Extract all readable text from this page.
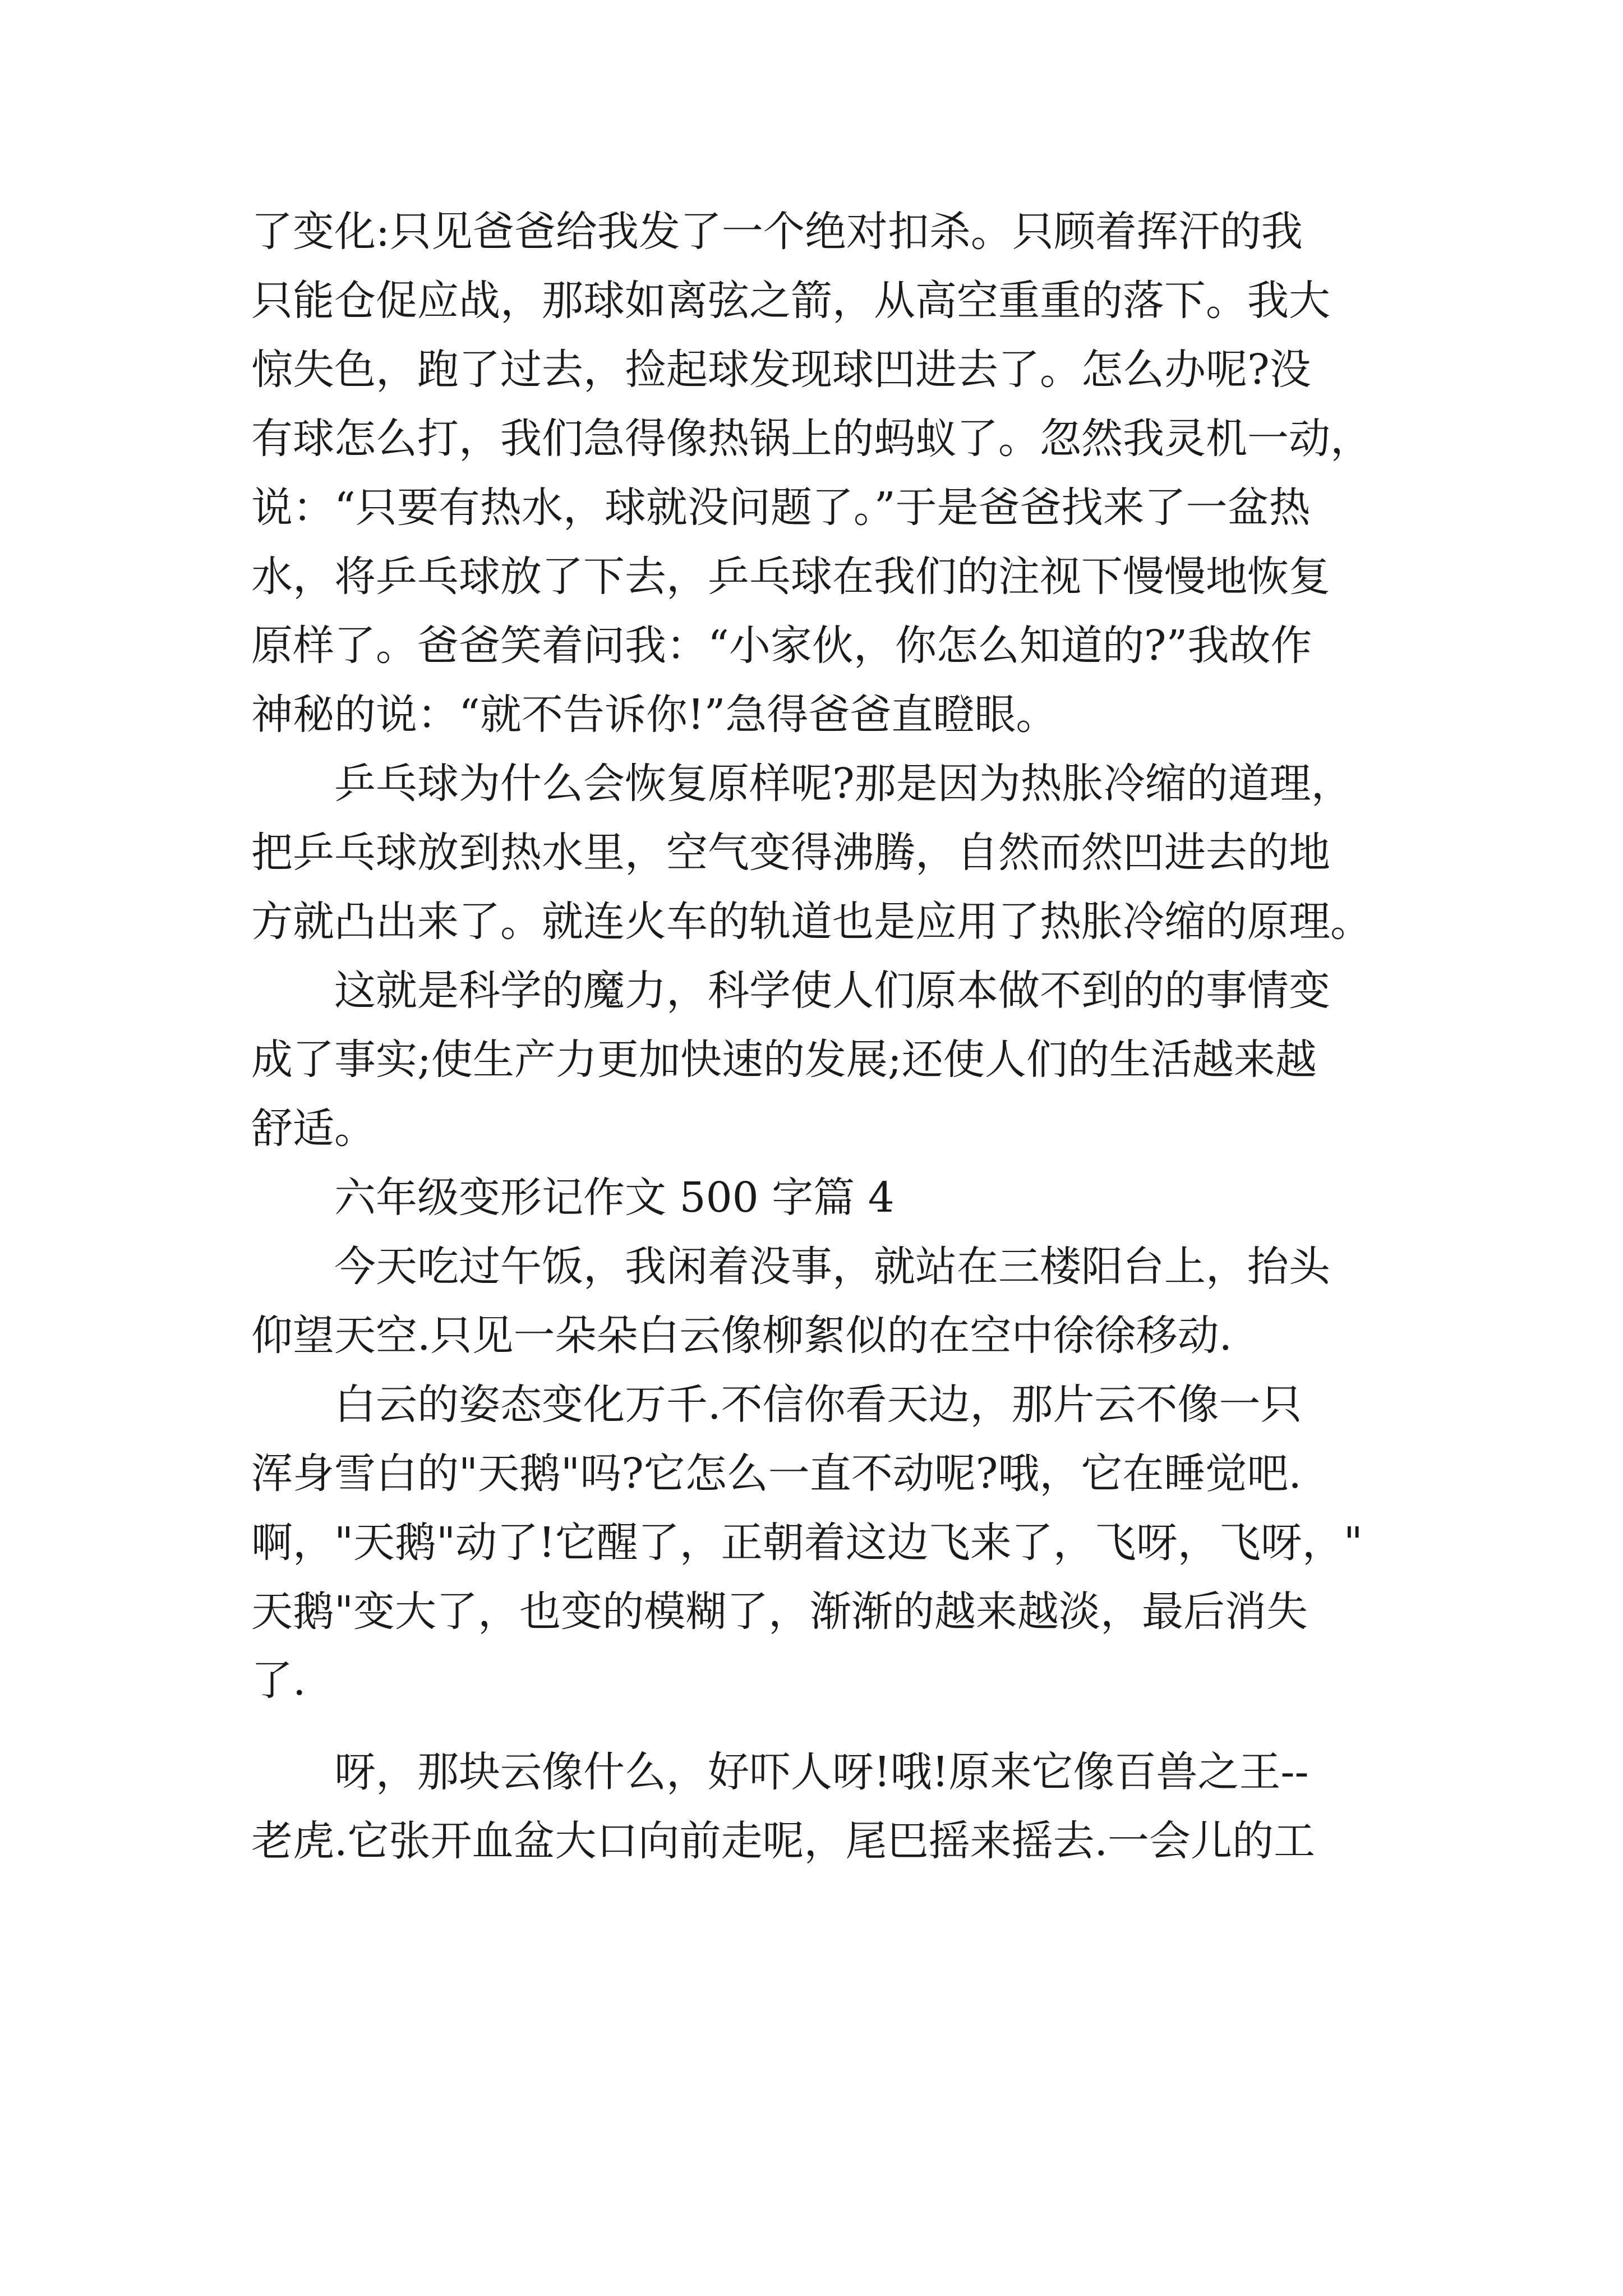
了变化:只见爸爸给我发了一个绝对扣杀。只顾着挥汗的我

只能仓促应战，那球如离弦之箭，从高空重重的落下。我大

惊失色，跑了过去，捡起球发现球凹进去了。怎么办呢?没

有球怎么打，我们急得像热锅上的蚂蚁了。忽然我灵机一动，

说：“只要有热水，球就没问题了。”于是爸爸找来了一盆热

水，将乒乓球放了下去，乒乓球在我们的注视下慢慢地恢复

原样了。爸爸笑着问我：“小家伙，你怎么知道的?”我故作

神秘的说：“就不告诉你!”急得爸爸直瞪眼。

乒乓球为什么会恢复原样呢?那是因为热胀冷缩的道理，

把乒乓球放到热水里，空气变得沸腾，自然而然凹进去的地

方就凸出来了。就连火车的轨道也是应用了热胀冷缩的原理。

这就是科学的魔力，科学使人们原本做不到的的事情变

成了事实;使生产力更加快速的发展;还使人们的生活越来越

舒适。

六年级变形记作文 500 字篇 4

今天吃过午饭，我闲着没事，就站在三楼阳台上，抬头

仰望天空.只见一朵朵白云像柳絮似的在空中徐徐移动.

白云的姿态变化万千.不信你看天边，那片云不像一只

浑身雪白的"天鹅"吗?它怎么一直不动呢?哦，它在睡觉吧.

啊，"天鹅"动了!它醒了，正朝着这边飞来了，飞呀，飞呀，"

天鹅"变大了，也变的模糊了，渐渐的越来越淡，最后消失

了.

呀，那块云像什么，好吓人呀!哦!原来它像百兽之王--

老虎.它张开血盆大口向前走呢，尾巴摇来摇去.一会儿的工
